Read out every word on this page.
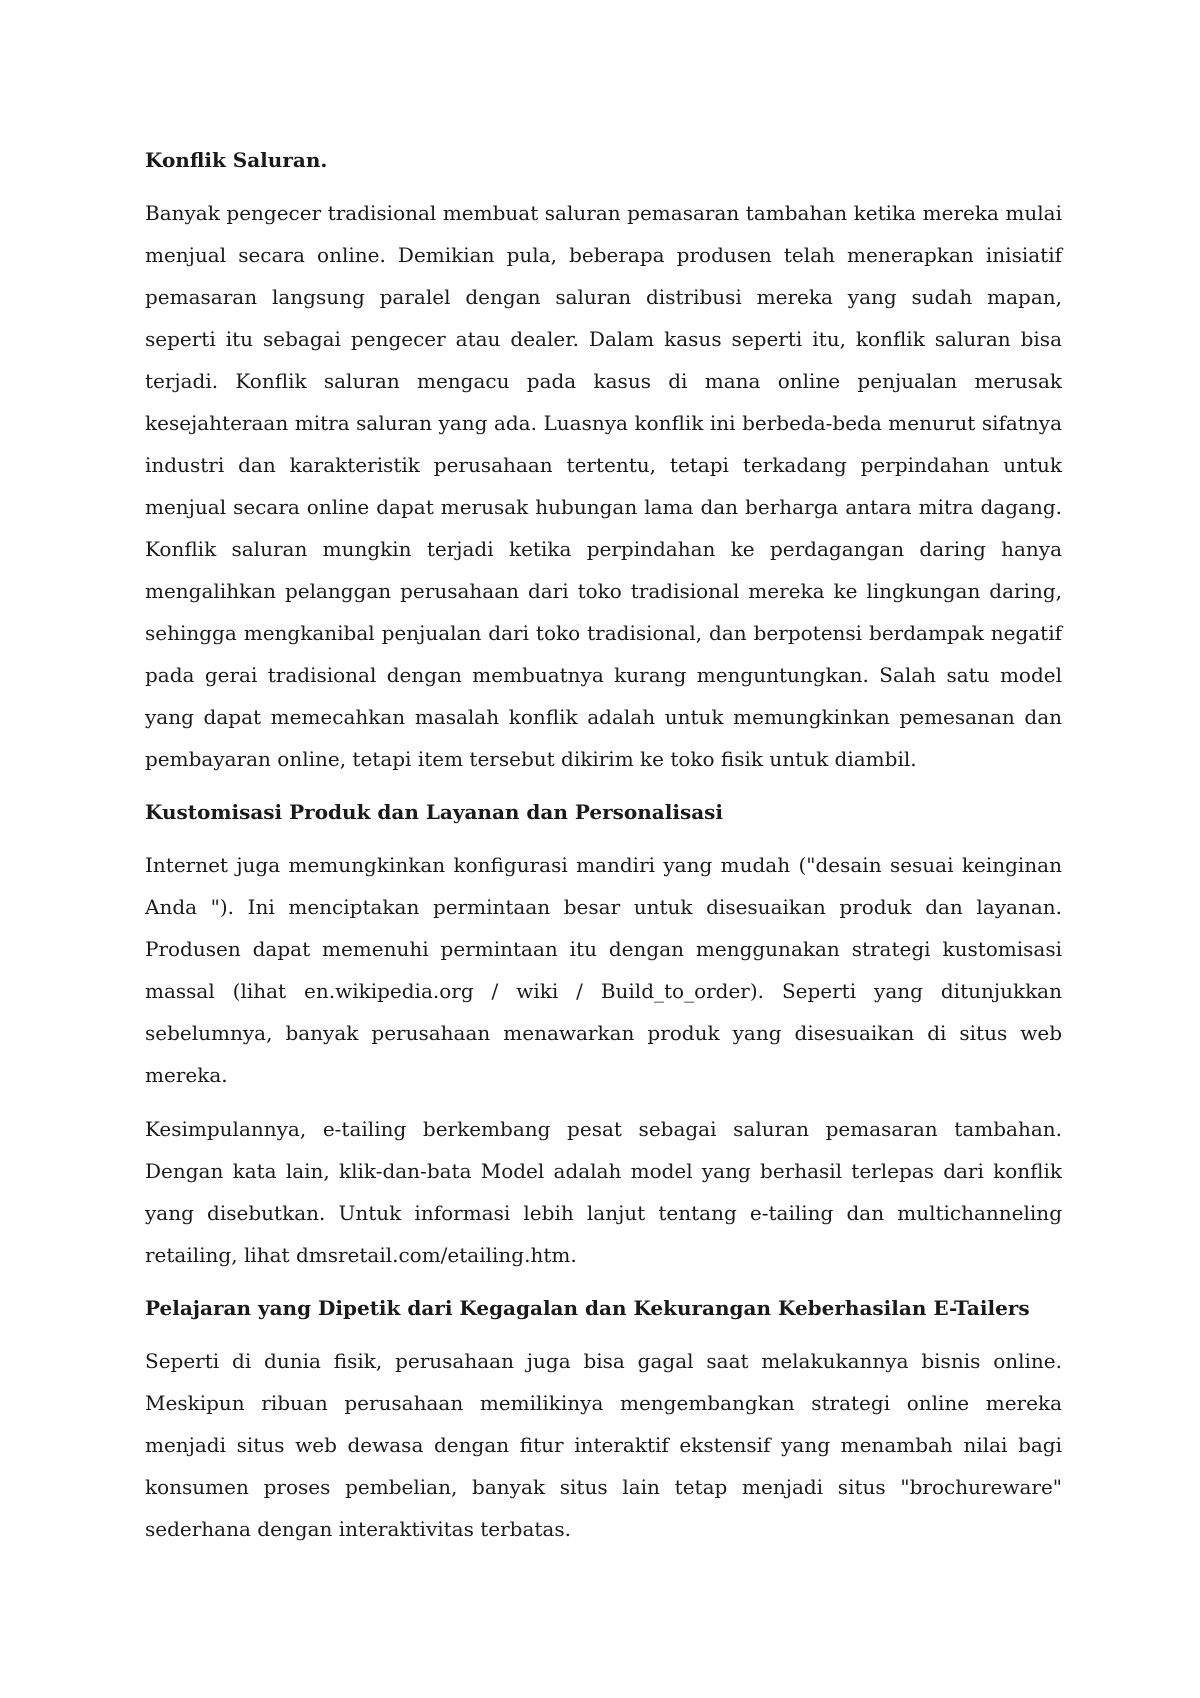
Konflik Saluran.

Banyak pengecer tradisional membuat saluran pemasaran tambahan ketika mereka mulai menjual secara online. Demikian pula, beberapa produsen telah menerapkan inisiatif pemasaran langsung paralel dengan saluran distribusi mereka yang sudah mapan, seperti itu sebagai pengecer atau dealer. Dalam kasus seperti itu, konflik saluran bisa terjadi. Konflik saluran mengacu pada kasus di mana online penjualan merusak kesejahteraan mitra saluran yang ada. Luasnya konflik ini berbeda-beda menurut sifatnya industri dan karakteristik perusahaan tertentu, tetapi terkadang perpindahan untuk menjual secara online dapat merusak hubungan lama dan berharga antara mitra dagang. Konflik saluran mungkin terjadi ketika perpindahan ke perdagangan daring hanya mengalihkan pelanggan perusahaan dari toko tradisional mereka ke lingkungan daring, sehingga mengkanibal penjualan dari toko tradisional, dan berpotensi berdampak negatif pada gerai tradisional dengan membuatnya kurang menguntungkan. Salah satu model yang dapat memecahkan masalah konflik adalah untuk memungkinkan pemesanan dan pembayaran online, tetapi item tersebut dikirim ke toko fisik untuk diambil.

Kustomisasi Produk dan Layanan dan Personalisasi

Internet juga memungkinkan konfigurasi mandiri yang mudah ("desain sesuai keinginan Anda "). Ini menciptakan permintaan besar untuk disesuaikan produk dan layanan. Produsen dapat memenuhi permintaan itu dengan menggunakan strategi kustomisasi massal (lihat en.wikipedia.org / wiki / Build_to_order). Seperti yang ditunjukkan sebelumnya, banyak perusahaan menawarkan produk yang disesuaikan di situs web mereka.

Kesimpulannya, e-tailing berkembang pesat sebagai saluran pemasaran tambahan. Dengan kata lain, klik-dan-bata Model adalah model yang berhasil terlepas dari konflik yang disebutkan. Untuk informasi lebih lanjut tentang e-tailing dan multichanneling retailing, lihat dmsretail.com/etailing.htm.

Pelajaran yang Dipetik dari Kegagalan dan Kekurangan Keberhasilan E-Tailers

Seperti di dunia fisik, perusahaan juga bisa gagal saat melakukannya bisnis online. Meskipun ribuan perusahaan memilikinya mengembangkan strategi online mereka menjadi situs web dewasa dengan fitur interaktif ekstensif yang menambah nilai bagi konsumen proses pembelian, banyak situs lain tetap menjadi situs "brochureware" sederhana dengan interaktivitas terbatas.
